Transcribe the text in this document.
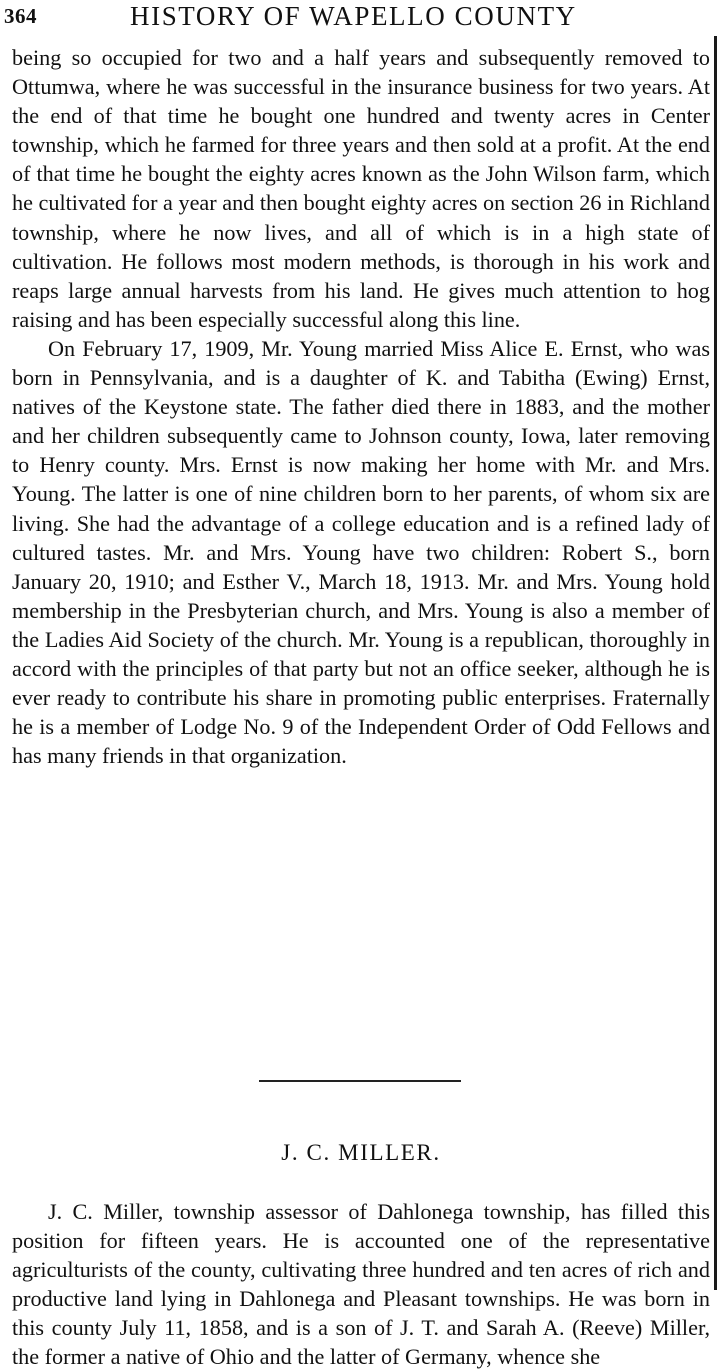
364	HISTORY OF WAPELLO COUNTY

being so occupied for two and a half years and subsequently removed to Ottumwa, where he was successful in the insurance business for two years. At the end of that time he bought one hundred and twenty acres in Center township, which he farmed for three years and then sold at a profit. At the end of that time he bought the eighty acres known as the John Wilson farm, which he cultivated for a year and then bought eighty acres on section 26 in Richland township, where he now lives, and all of which is in a high state of cultivation. He follows most modern methods, is thorough in his work and reaps large annual harvests from his land. He gives much attention to hog raising and has been especially successful along this line.

On February 17, 1909, Mr. Young married Miss Alice E. Ernst, who was born in Pennsylvania, and is a daughter of K. and Tabitha (Ewing) Ernst, natives of the Keystone state. The father died there in 1883, and the mother and her children subsequently came to Johnson county, Iowa, later removing to Henry county. Mrs. Ernst is now making her home with Mr. and Mrs. Young. The latter is one of nine children born to her parents, of whom six are living. She had the advantage of a college education and is a refined lady of cultured tastes. Mr. and Mrs. Young have two children: Robert S., born January 20, 1910; and Esther V., March 18, 1913. Mr. and Mrs. Young hold membership in the Presbyterian church, and Mrs. Young is also a member of the Ladies Aid Society of the church. Mr. Young is a republican, thoroughly in accord with the principles of that party but not an office seeker, although he is ever ready to contribute his share in promoting public enterprises. Fraternally he is a member of Lodge No. 9 of the Independent Order of Odd Fellows and has many friends in that organization.

J. C. MILLER.

J. C. Miller, township assessor of Dahlonega township, has filled this position for fifteen years. He is accounted one of the representative agriculturists of the county, cultivating three hundred and ten acres of rich and productive land lying in Dahlonega and Pleasant townships. He was born in this county July 11, 1858, and is a son of J. T. and Sarah A. (Reeve) Miller, the former a native of Ohio and the latter of Germany, whence she
